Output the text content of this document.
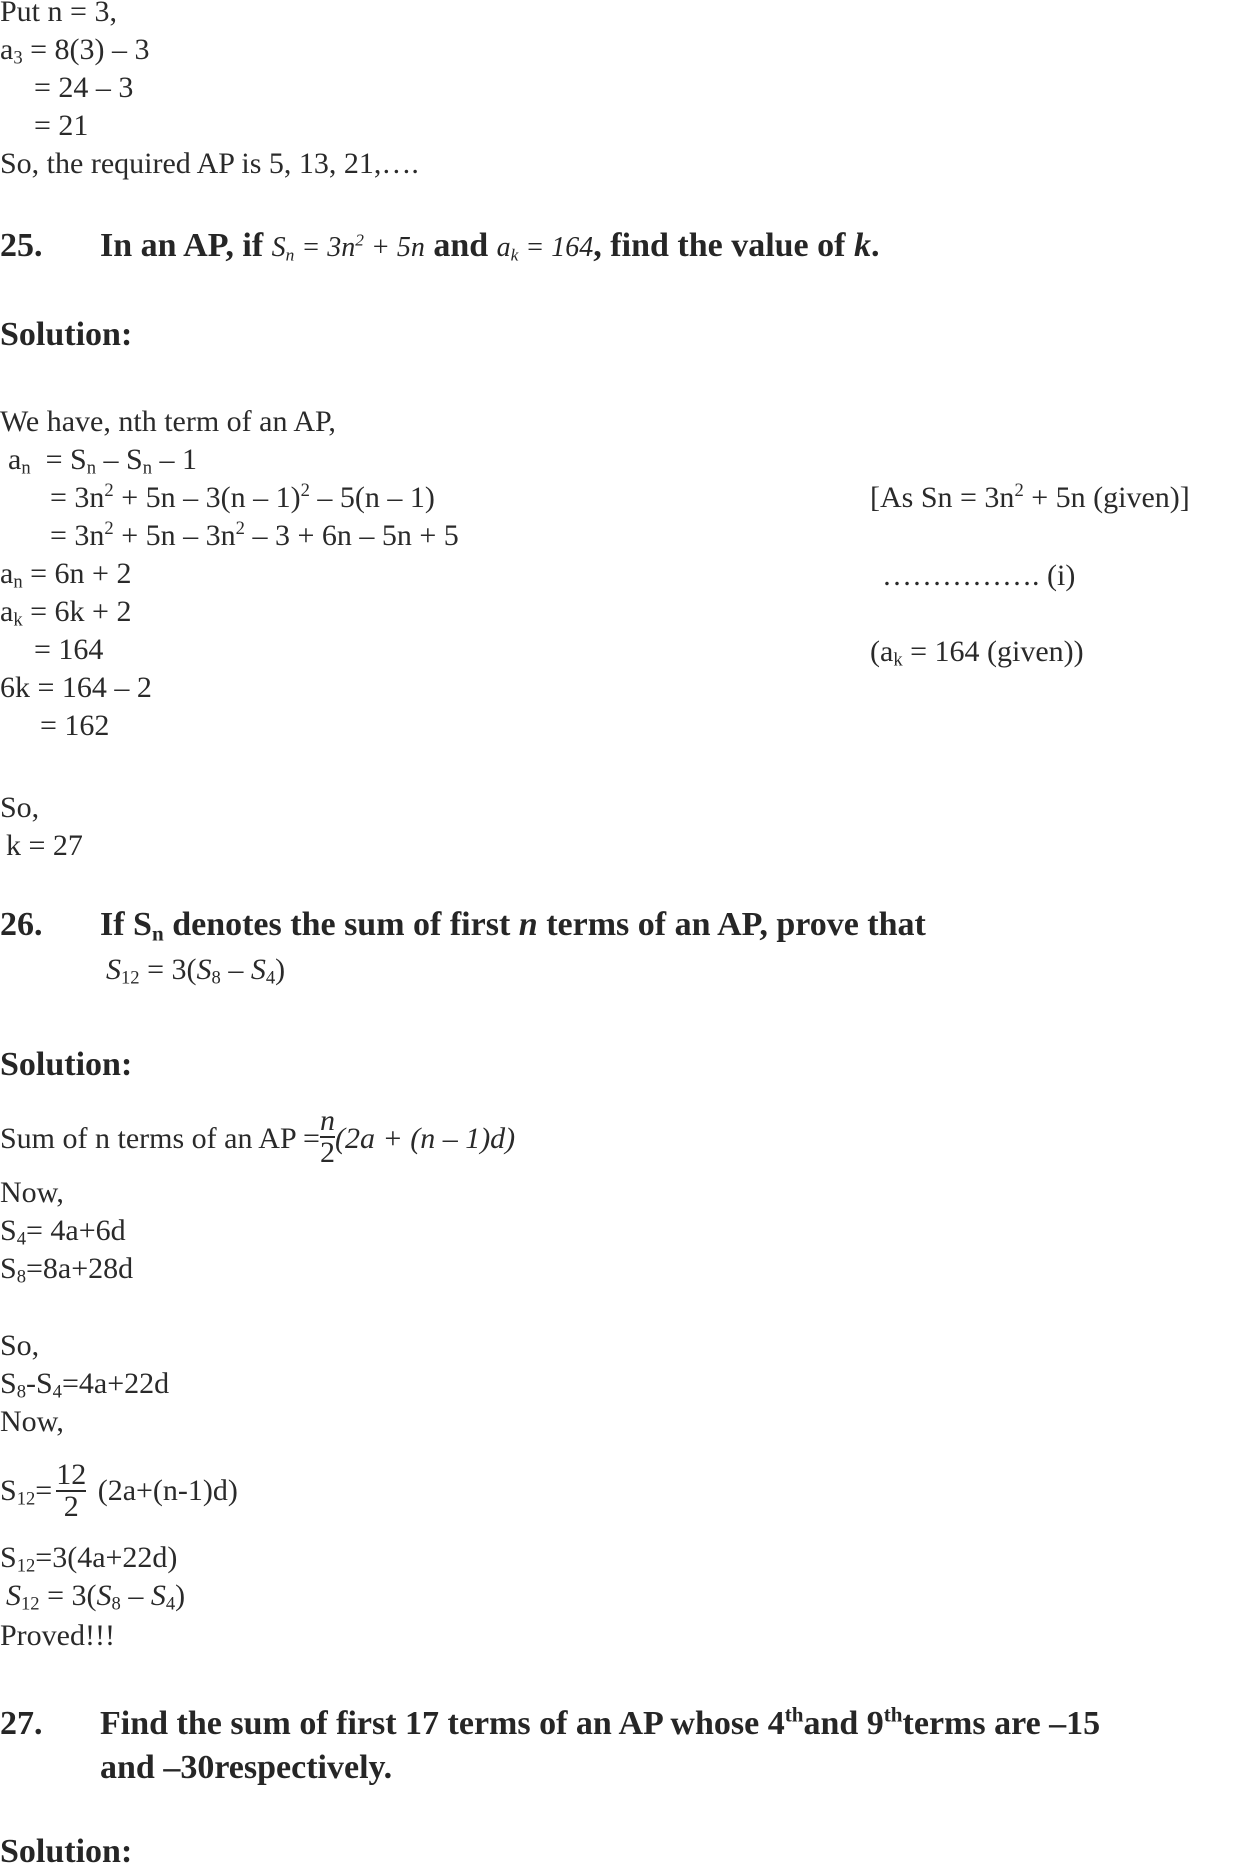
Put n = 3,
$a_3 = 8(3) - 3$
= 24 – 3
= 21
So, the required AP is 5, 13, 21,….
25. In an AP, if $S_n = 3n^2 + 5n$ and $a_k = 164$, find the value of k.
Solution:
We have, nth term of an AP,
$a_n = S_n - S_n - 1$
= $3n^2 + 5n - 3(n - 1)^2 - 5(n - 1)$
= $3n^2 + 5n - 3n^2 - 3 + 6n - 5n + 5$
$a_n = 6n + 2$
$a_k = 6k + 2$
= 164
6k = 164 – 2
= 162
So,
k = 27
[As $Sn = 3n^2 + 5n$ (given)]
……………. (i)
($a_k = 164$ (given))
26. If $S_n$ denotes the sum of first n terms of an AP, prove that
$S_{12} = 3(S_8 - S_4)$
Solution:
Sum of n terms of an AP = $\frac{n}{2} (2a + (n - 1)d)$
Now,
$S_4= 4a+6d$
$S_8=8a+28d$
So,
$S_8-S_4=4a+22d$
Now,
$S_{12}= \frac{12}{2} (2a+(n-1)d)$
$S_{12}=3(4a+22d)$
$S_{12} = 3(S_8 - S_4)$
Proved!!!
27. Find the sum of first 17 terms of an AP whose 4thand 9thterms are –15
and –30respectively.
Solution:
